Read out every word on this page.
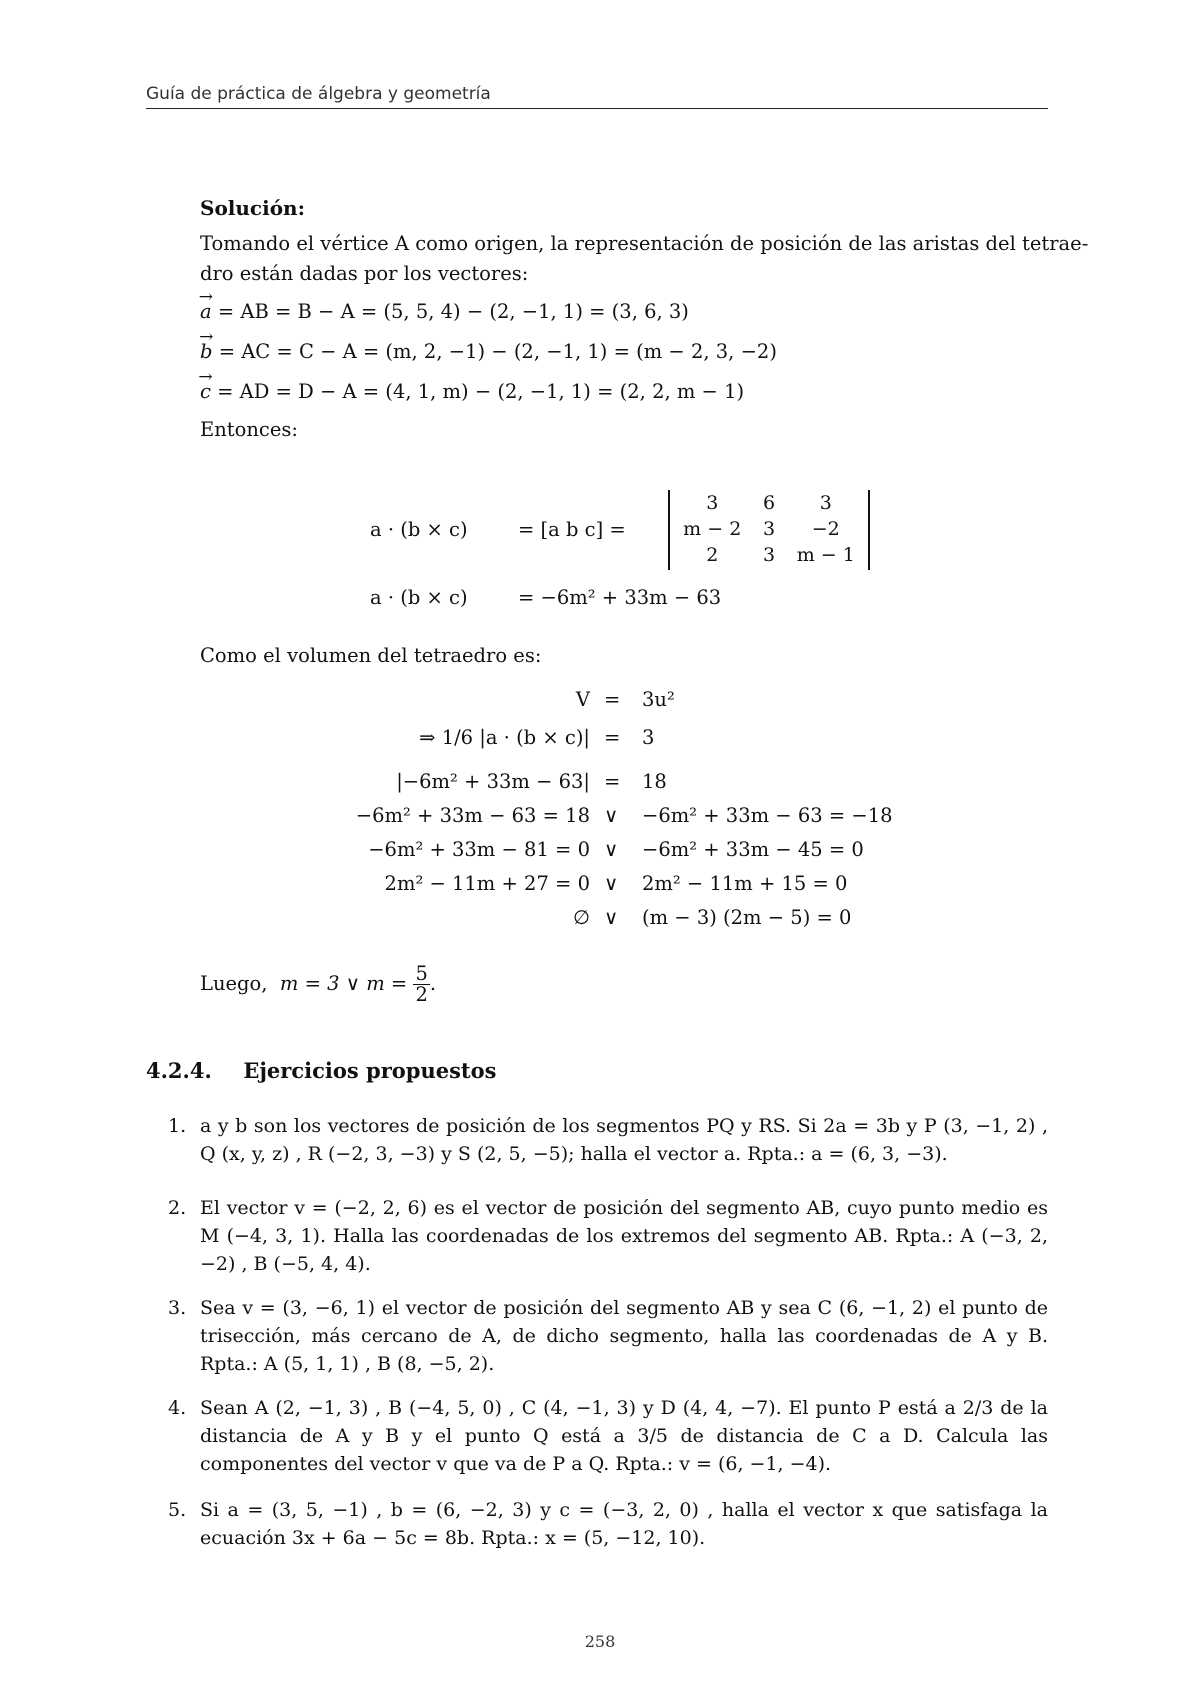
Guía de práctica de álgebra y geometría
Solución:
Tomando el vértice A como origen, la representación de posición de las aristas del tetrae-
dro están dadas por los vectores:
→ a = AB = B − A = (5, 5, 4) − (2, −1, 1) = (3, 6, 3)
→ b = AC = C − A = (m, 2, −1) − (2, −1, 1) = (m − 2, 3, −2)
→ c = AD = D − A = (4, 1, m) − (2, −1, 1) = (2, 2, m − 1)
Entonces:
a · (b × c)	= [a b c] =
3	6	3
m − 2	3	−2
2	3	m − 1
a · (b × c)	= −6m² + 33m − 63
Como el volumen del tetraedro es:
V = 3u²
⇒ 1/6 |a · (b × c)| = 3
|−6m² + 33m − 63| = 18
−6m² + 33m − 63 = 18 ∨ −6m² + 33m − 63 = −18
−6m² + 33m − 81 = 0 ∨ −6m² + 33m − 45 = 0
2m² − 11m + 27 = 0 ∨ 2m² − 11m + 15 = 0
∅ ∨ (m − 3) (2m − 5) = 0
Luego, m = 3 ∨ $m = \frac{5}{2}$ .
4.2.4. Ejercicios propuestos
1. a y b son los vectores de posición de los segmentos PQ y RS. Si 2a = 3b y P (3, −1, 2) , Q (x, y, z) , R (−2, 3, −3) y S (2, 5, −5); halla el vector a. Rpta.: a = (6, 3, −3).
2. El vector v = (−2, 2, 6) es el vector de posición del segmento AB, cuyo punto medio es M (−4, 3, 1). Halla las coordenadas de los extremos del segmento AB. Rpta.: A (−3, 2, −2) , B (−5, 4, 4).
3. Sea v = (3, −6, 1) el vector de posición del segmento AB y sea C (6, −1, 2) el punto de trisección, más cercano de A, de dicho segmento, halla las coordenadas de A y B. Rpta.: A (5, 1, 1) , B (8, −5, 2).
4. Sean A (2, −1, 3) , B (−4, 5, 0) , C (4, −1, 3) y D (4, 4, −7). El punto P está a 2/3 de la distancia de A y B y el punto Q está a 3/5 de distancia de C a D. Calcula las componentes del vector v que va de P a Q. Rpta.: v = (6, −1, −4).
5. Si a = (3, 5, −1) , b = (6, −2, 3) y c = (−3, 2, 0) , halla el vector x que satisfaga la ecuación 3x + 6a − 5c = 8b. Rpta.: x = (5, −12, 10).
258
